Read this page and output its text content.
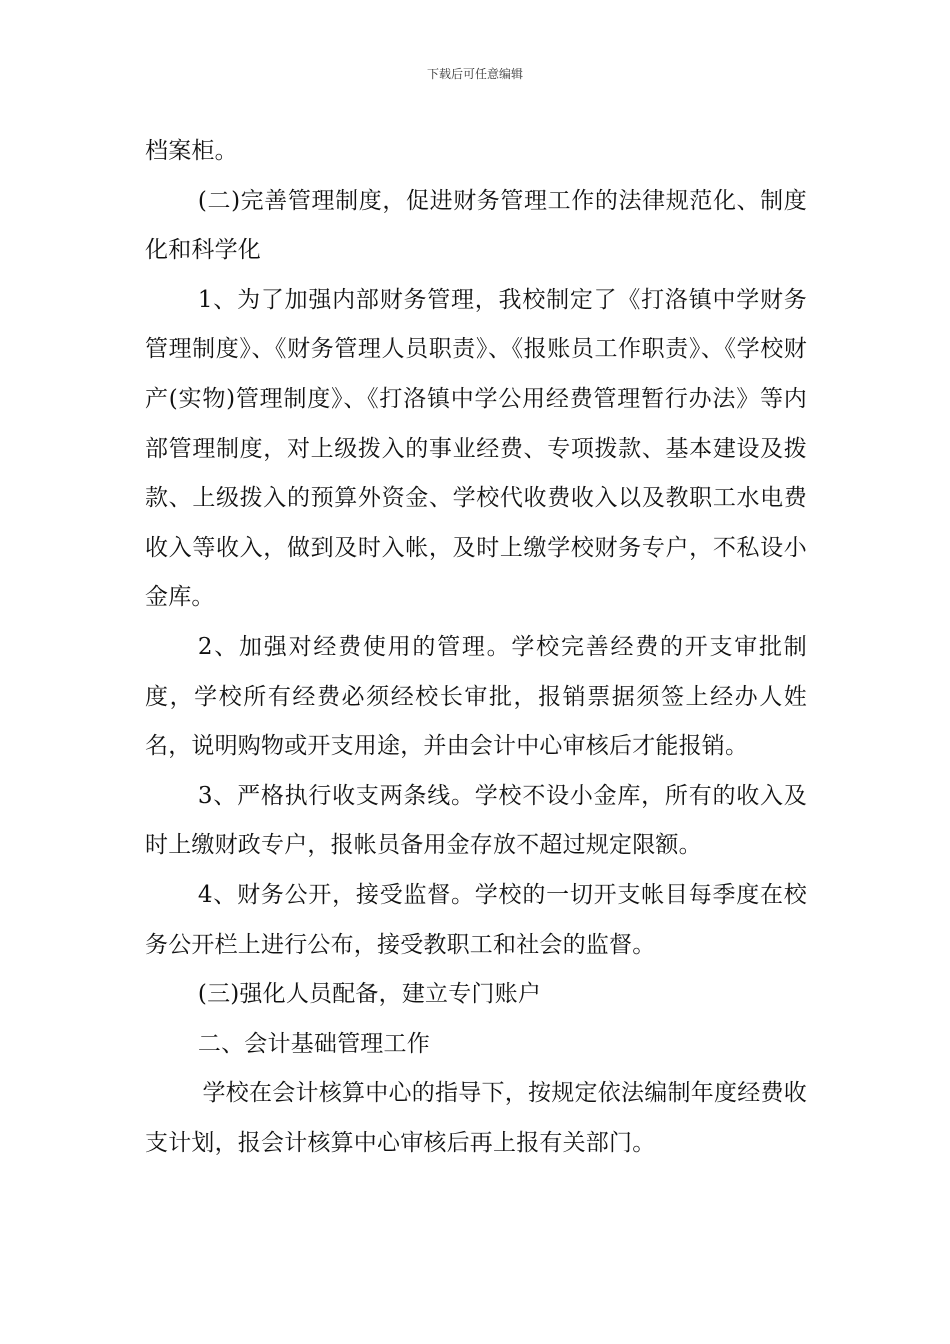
下载后可任意编辑

档案柜。

(二)完善管理制度，促进财务管理工作的法律规范化、制度化和科学化

1、为了加强内部财务管理，我校制定了《打洛镇中学财务管理制度》、《财务管理人员职责》、《报账员工作职责》、《学校财产(实物)管理制度》、《打洛镇中学公用经费管理暂行办法》等内部管理制度，对上级拨入的事业经费、专项拨款、基本建设及拨款、上级拨入的预算外资金、学校代收费收入以及教职工水电费收入等收入，做到及时入帐，及时上缴学校财务专户，不私设小金库。

2、加强对经费使用的管理。学校完善经费的开支审批制度，学校所有经费必须经校长审批，报销票据须签上经办人姓名，说明购物或开支用途，并由会计中心审核后才能报销。

3、严格执行收支两条线。学校不设小金库，所有的收入及时上缴财政专户，报帐员备用金存放不超过规定限额。

4、财务公开，接受监督。学校的一切开支帐目每季度在校务公开栏上进行公布，接受教职工和社会的监督。

(三)强化人员配备，建立专门账户

二、会计基础管理工作

学校在会计核算中心的指导下，按规定依法编制年度经费收支计划，报会计核算中心审核后再上报有关部门。
